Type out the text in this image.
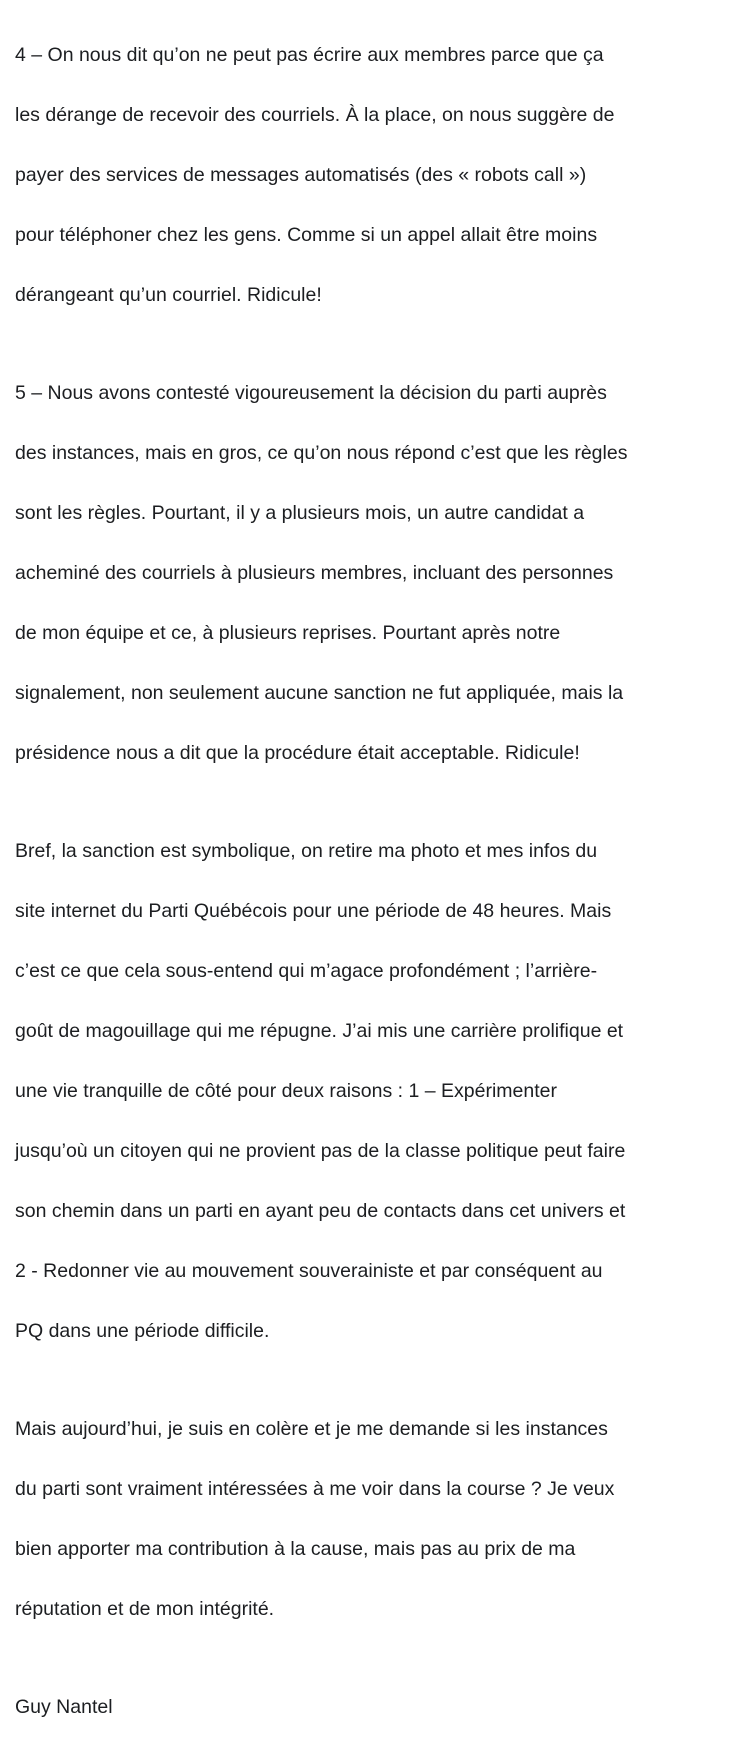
4 – On nous dit qu’on ne peut pas écrire aux membres parce que ça

les dérange de recevoir des courriels. À la place, on nous suggère de

payer des services de messages automatisés (des « robots call »)

pour téléphoner chez les gens. Comme si un appel allait être moins

dérangeant qu’un courriel. Ridicule!

5 – Nous avons contesté vigoureusement la décision du parti auprès

des instances, mais en gros, ce qu’on nous répond c’est que les règles

sont les règles. Pourtant, il y a plusieurs mois, un autre candidat a

acheminé des courriels à plusieurs membres, incluant des personnes

de mon équipe et ce, à plusieurs reprises. Pourtant après notre

signalement, non seulement aucune sanction ne fut appliquée, mais la

présidence nous a dit que la procédure était acceptable. Ridicule!

Bref, la sanction est symbolique, on retire ma photo et mes infos du

site internet du Parti Québécois pour une période de 48 heures. Mais

c’est ce que cela sous-entend qui m’agace profondément ; l’arrière-

goût de magouillage qui me répugne. J’ai mis une carrière prolifique et

une vie tranquille de côté pour deux raisons : 1 – Expérimenter

jusqu’où un citoyen qui ne provient pas de la classe politique peut faire

son chemin dans un parti en ayant peu de contacts dans cet univers et

2 - Redonner vie au mouvement souverainiste et par conséquent au

PQ dans une période difficile.

Mais aujourd’hui, je suis en colère et je me demande si les instances

du parti sont vraiment intéressées à me voir dans la course ? Je veux

bien apporter ma contribution à la cause, mais pas au prix de ma

réputation et de mon intégrité.

Guy Nantel
